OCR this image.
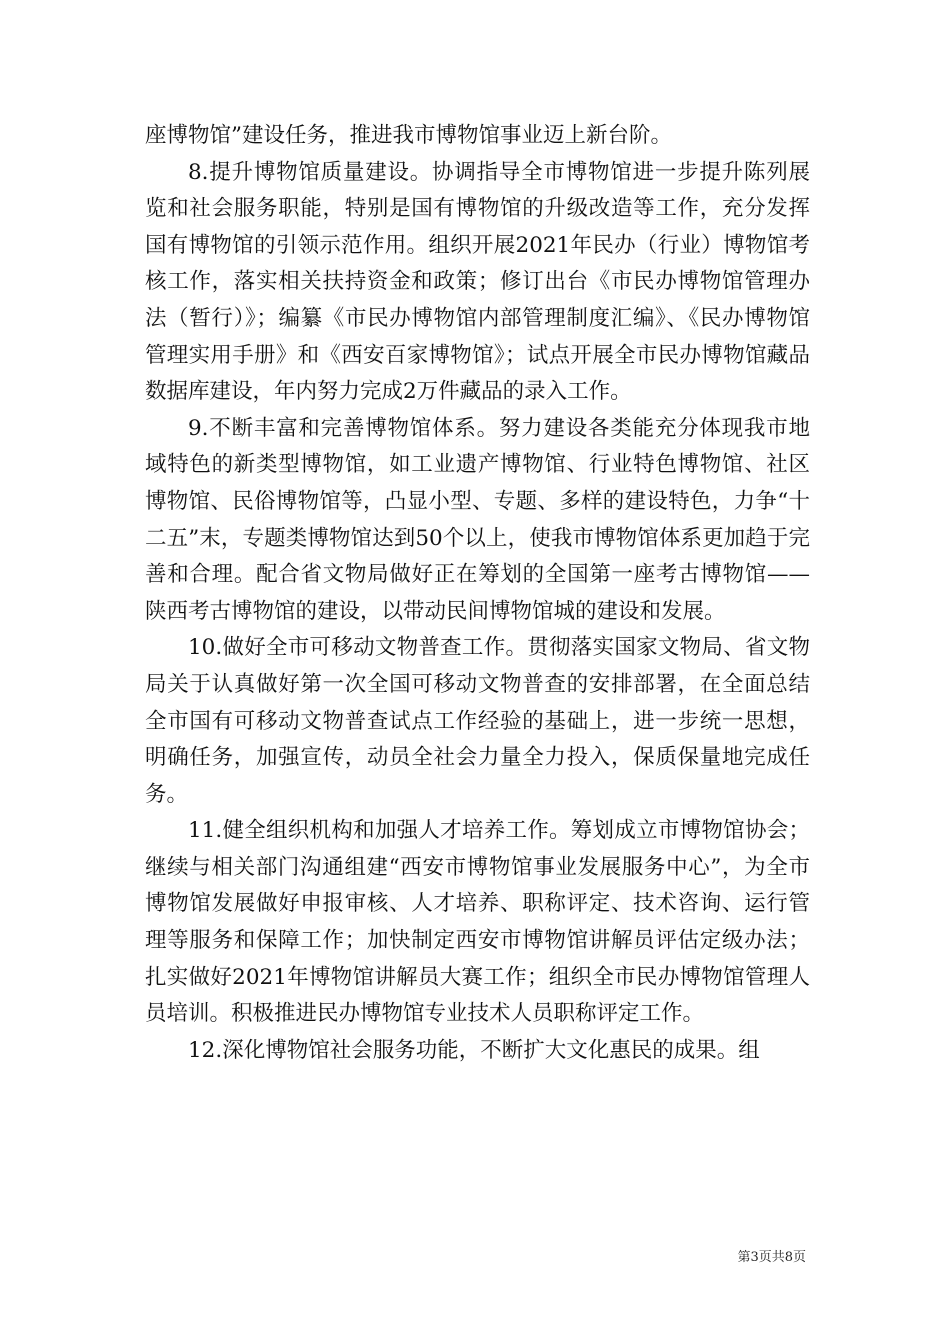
座博物馆”建设任务，推进我市博物馆事业迈上新台阶。

8.提升博物馆质量建设。协调指导全市博物馆进一步提升陈列展览和社会服务职能，特别是国有博物馆的升级改造等工作，充分发挥国有博物馆的引领示范作用。组织开展2021年民办（行业）博物馆考核工作，落实相关扶持资金和政策；修订出台《市民办博物馆管理办法（暂行）》；编纂《市民办博物馆内部管理制度汇编》、《民办博物馆管理实用手册》和《西安百家博物馆》；试点开展全市民办博物馆藏品数据库建设，年内努力完成2万件藏品的录入工作。

9.不断丰富和完善博物馆体系。努力建设各类能充分体现我市地域特色的新类型博物馆，如工业遗产博物馆、行业特色博物馆、社区博物馆、民俗博物馆等，凸显小型、专题、多样的建设特色，力争“十二五”末，专题类博物馆达到50个以上，使我市博物馆体系更加趋于完善和合理。配合省文物局做好正在筹划的全国第一座考古博物馆——陕西考古博物馆的建设，以带动民间博物馆城的建设和发展。

10.做好全市可移动文物普查工作。贯彻落实国家文物局、省文物局关于认真做好第一次全国可移动文物普查的安排部署，在全面总结全市国有可移动文物普查试点工作经验的基础上，进一步统一思想，明确任务，加强宣传，动员全社会力量全力投入，保质保量地完成任务。

11.健全组织机构和加强人才培养工作。筹划成立市博物馆协会；继续与相关部门沟通组建“西安市博物馆事业发展服务中心”，为全市博物馆发展做好申报审核、人才培养、职称评定、技术咨询、运行管理等服务和保障工作；加快制定西安市博物馆讲解员评估定级办法；扎实做好2021年博物馆讲解员大赛工作；组织全市民办博物馆管理人员培训。积极推进民办博物馆专业技术人员职称评定工作。

12.深化博物馆社会服务功能，不断扩大文化惠民的成果。组

第3页共8页
